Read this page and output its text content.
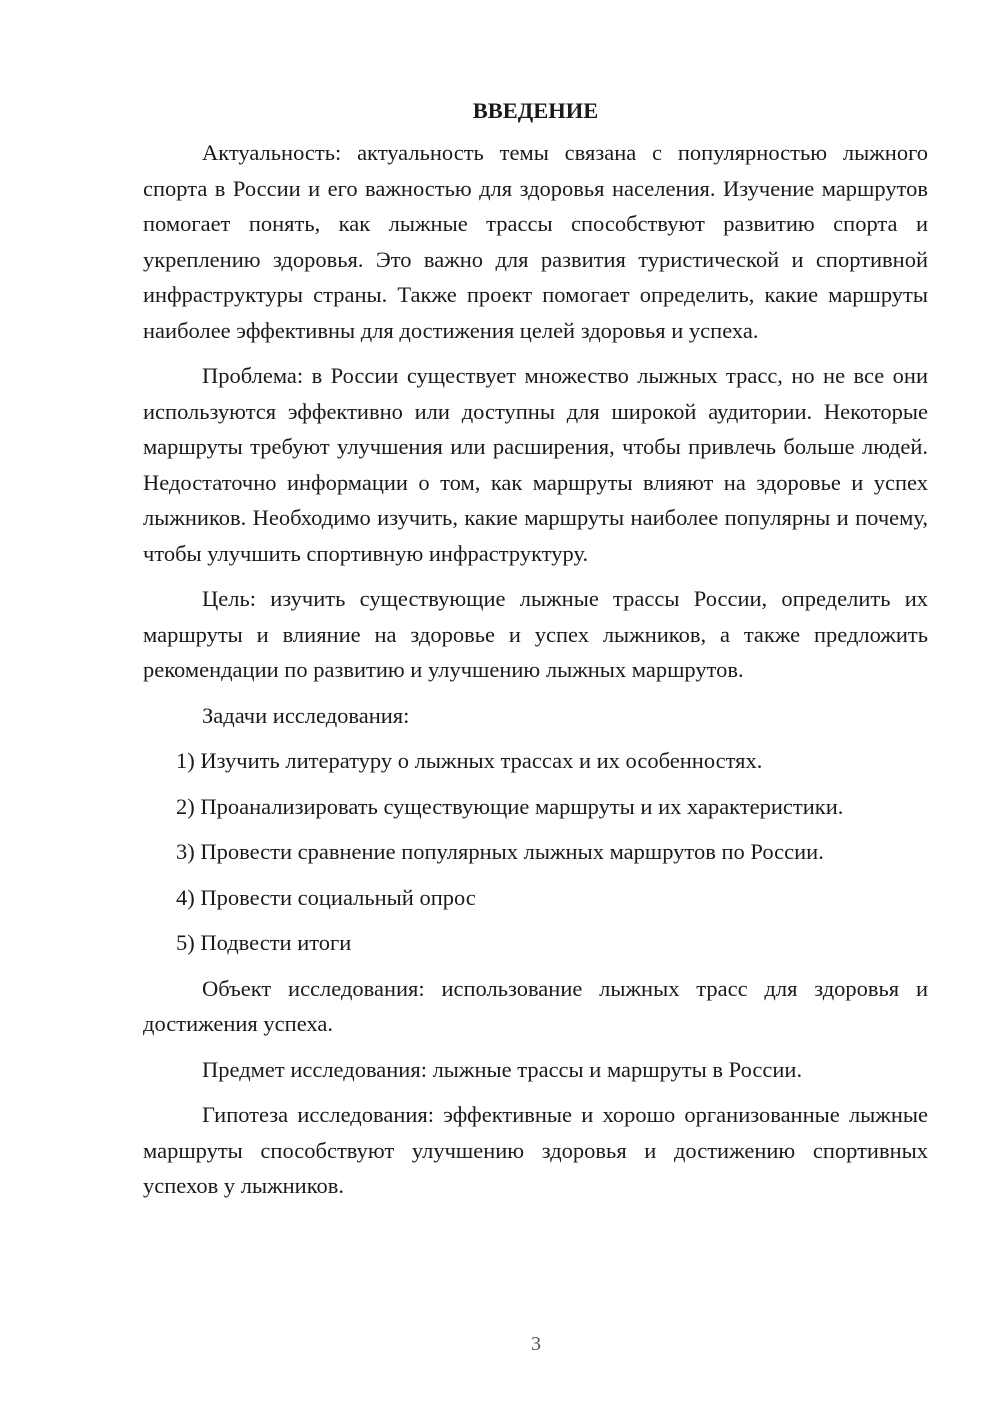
ВВЕДЕНИЕ

Актуальность: актуальность темы связана с популярностью лыжного спорта в России и его важностью для здоровья населения. Изучение маршрутов помогает понять, как лыжные трассы способствуют развитию спорта и укреплению здоровья. Это важно для развития туристической и спортивной инфраструктуры страны. Также проект помогает определить, какие маршруты наиболее эффективны для достижения целей здоровья и успеха.

Проблема: в России существует множество лыжных трасс, но не все они используются эффективно или доступны для широкой аудитории. Некоторые маршруты требуют улучшения или расширения, чтобы привлечь больше людей. Недостаточно информации о том, как маршруты влияют на здоровье и успех лыжников. Необходимо изучить, какие маршруты наиболее популярны и почему, чтобы улучшить спортивную инфраструктуру.

Цель: изучить существующие лыжные трассы России, определить их маршруты и влияние на здоровье и успех лыжников, а также предложить рекомендации по развитию и улучшению лыжных маршрутов.

Задачи исследования:

1) Изучить литературу о лыжных трассах и их особенностях.
2) Проанализировать существующие маршруты и их характеристики.
3) Провести сравнение популярных лыжных маршрутов по России.
4) Провести социальный опрос
5) Подвести итоги

Объект исследования: использование лыжных трасс для здоровья и достижения успеха.

Предмет исследования: лыжные трассы и маршруты в России.

Гипотеза исследования: эффективные и хорошо организованные лыжные маршруты способствуют улучшению здоровья и достижению спортивных успехов у лыжников.

3
